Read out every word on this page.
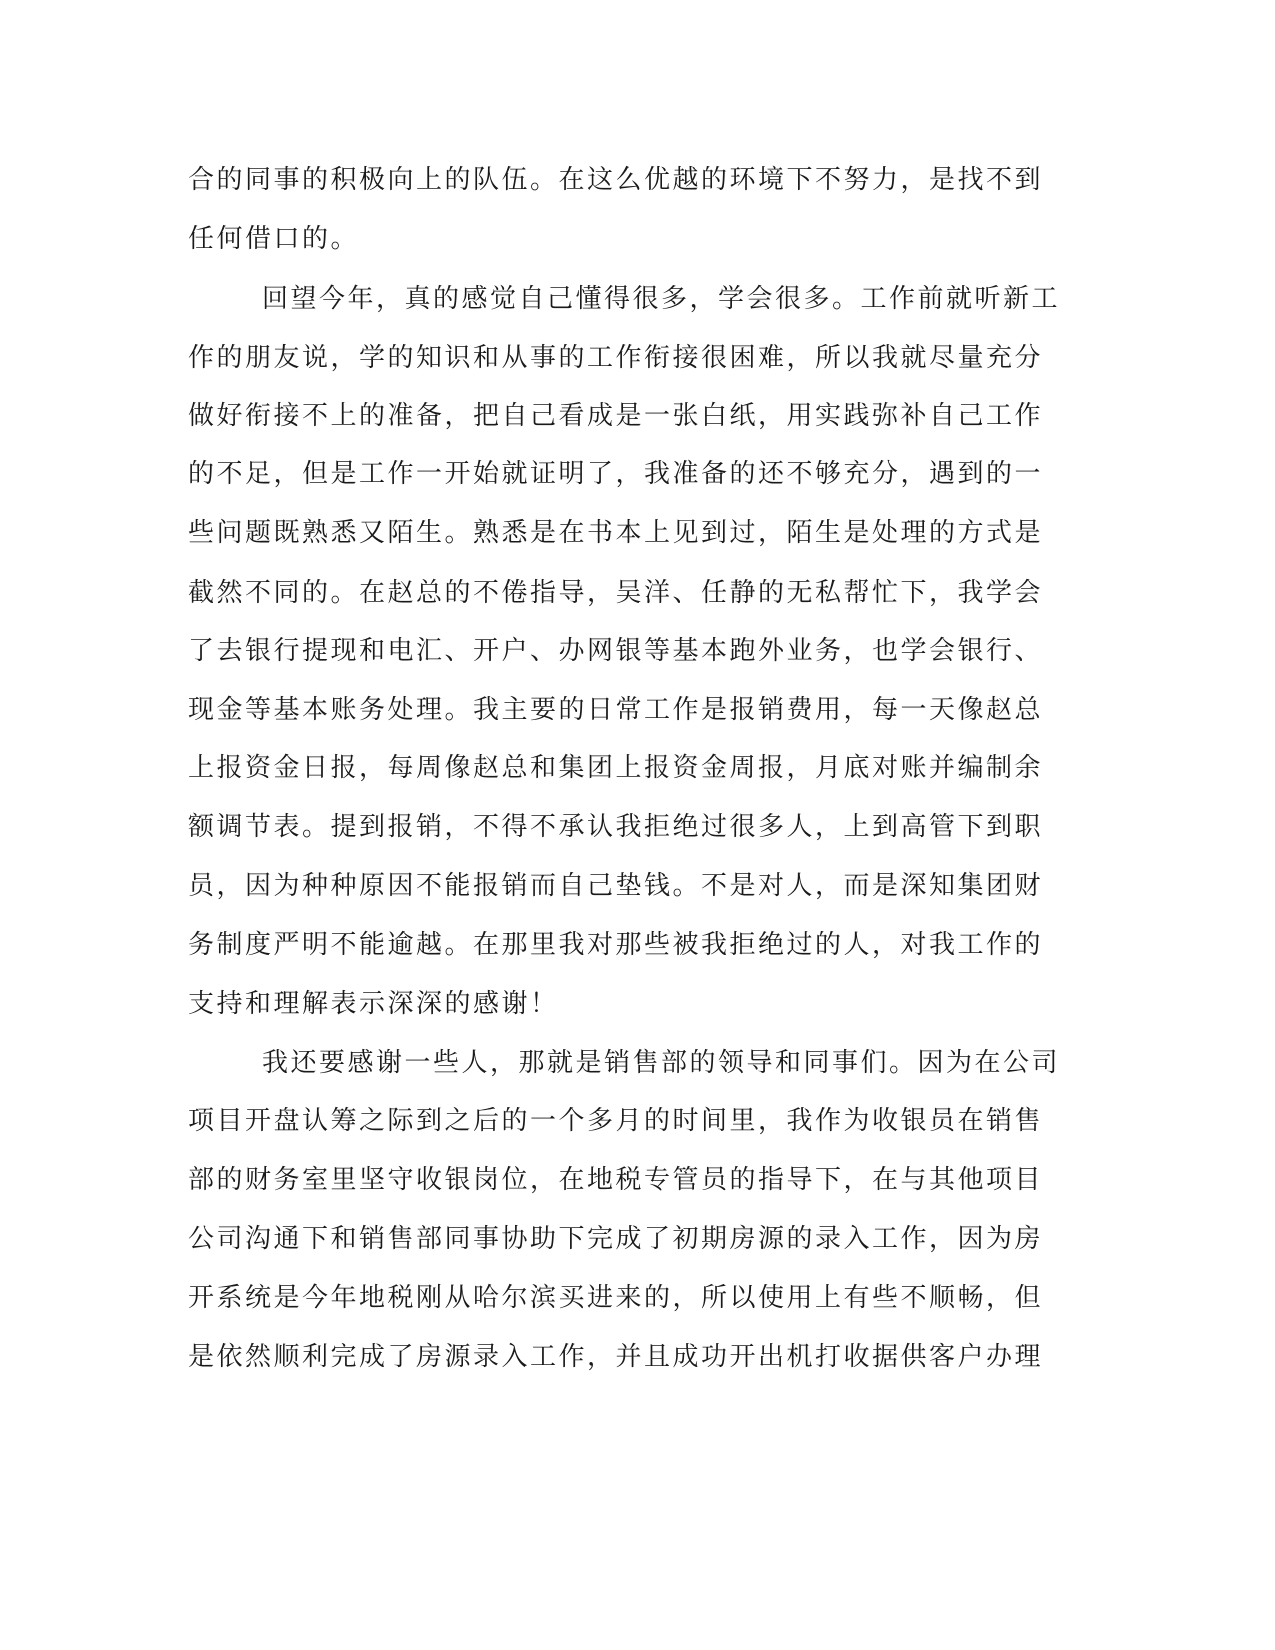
合的同事的积极向上的队伍。在这么优越的环境下不努力，是找不到

任何借口的。

回望今年，真的感觉自己懂得很多，学会很多。工作前就听新工

作的朋友说，学的知识和从事的工作衔接很困难，所以我就尽量充分

做好衔接不上的准备，把自己看成是一张白纸，用实践弥补自己工作

的不足，但是工作一开始就证明了，我准备的还不够充分，遇到的一

些问题既熟悉又陌生。熟悉是在书本上见到过，陌生是处理的方式是

截然不同的。在赵总的不倦指导，吴洋、任静的无私帮忙下，我学会

了去银行提现和电汇、开户、办网银等基本跑外业务，也学会银行、

现金等基本账务处理。我主要的日常工作是报销费用，每一天像赵总

上报资金日报，每周像赵总和集团上报资金周报，月底对账并编制余

额调节表。提到报销，不得不承认我拒绝过很多人，上到高管下到职

员，因为种种原因不能报销而自己垫钱。不是对人，而是深知集团财

务制度严明不能逾越。在那里我对那些被我拒绝过的人，对我工作的

支持和理解表示深深的感谢！

我还要感谢一些人，那就是销售部的领导和同事们。因为在公司

项目开盘认筹之际到之后的一个多月的时间里，我作为收银员在销售

部的财务室里坚守收银岗位，在地税专管员的指导下，在与其他项目

公司沟通下和销售部同事协助下完成了初期房源的录入工作，因为房

开系统是今年地税刚从哈尔滨买进来的，所以使用上有些不顺畅，但

是依然顺利完成了房源录入工作，并且成功开出机打收据供客户办理
